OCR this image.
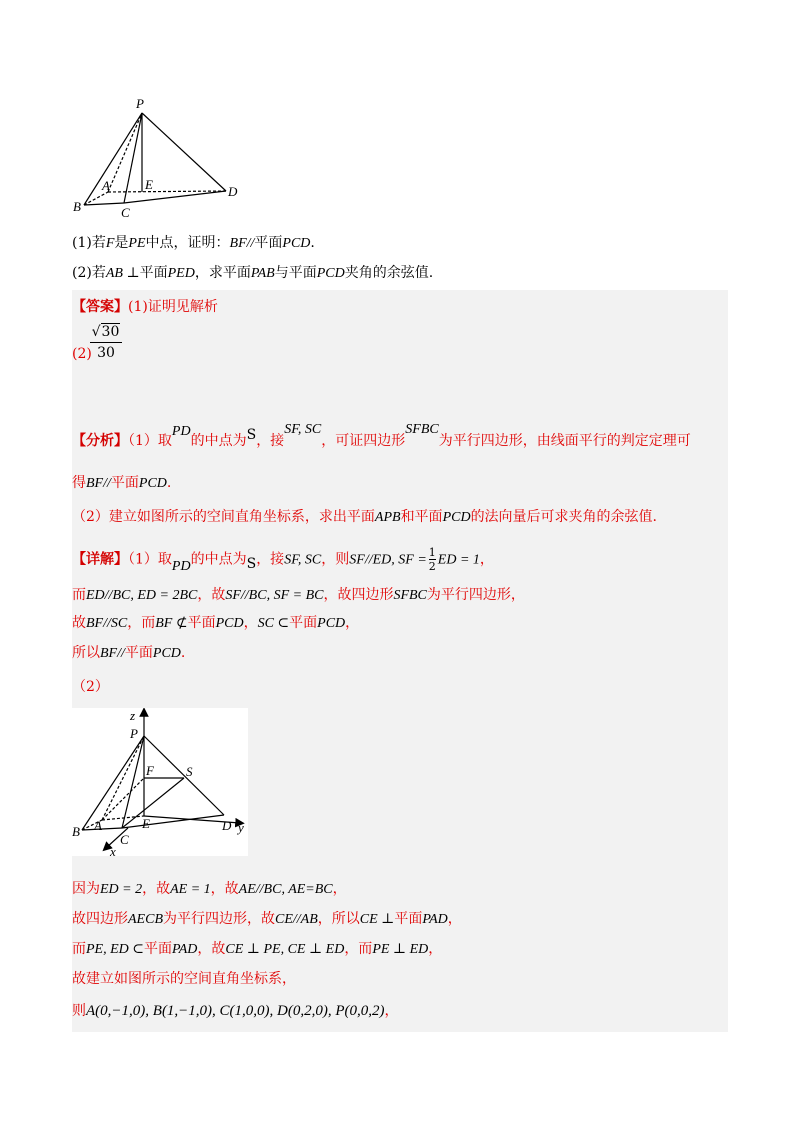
P
A	E
B	C
D
(1)若F是PE中点，证明：BF//平面PCD.
(2)若AB ⊥平面PED，求平面PAB与平面PCD夹角的余弦值.
【答案】(1)证明见解析
(2)
$\frac{√30}{30}$
【分析】（1）取PD的中点为S，接SF, SC，可证四边形SFBC为平行四边形，由线面平行的判定定理可
得BF//平面PCD.
（2）建立如图所示的空间直角坐标系，求出平面APB和平面PCD的法向量后可求夹角的余弦值.
【详解】（1）取PD的中点为S，接SF, SC，则SF//ED, SF = $\frac{1}{2}$ ED = 1，
而ED//BC, ED = 2BC，故SF//BC, SF = BC，故四边形SFBC为平行四边形，
故BF//SC，而BF ⊄平面PCD，SC ⊂平面PCD，
所以BF//平面PCD.
（2）
z
P
F S
B A	E
C
D y
x
因为ED = 2，故AE = 1，故AE//BC, AE=BC，
故四边形AECB为平行四边形，故CE//AB，所以CE ⊥平面PAD，
而PE, ED ⊂平面PAD，故CE ⊥ PE, CE ⊥ ED，而PE ⊥ ED，
故建立如图所示的空间直角坐标系，
则A(0,−1,0), B(1,−1,0), C(1,0,0), D(0,2,0), P(0,0,2)，
